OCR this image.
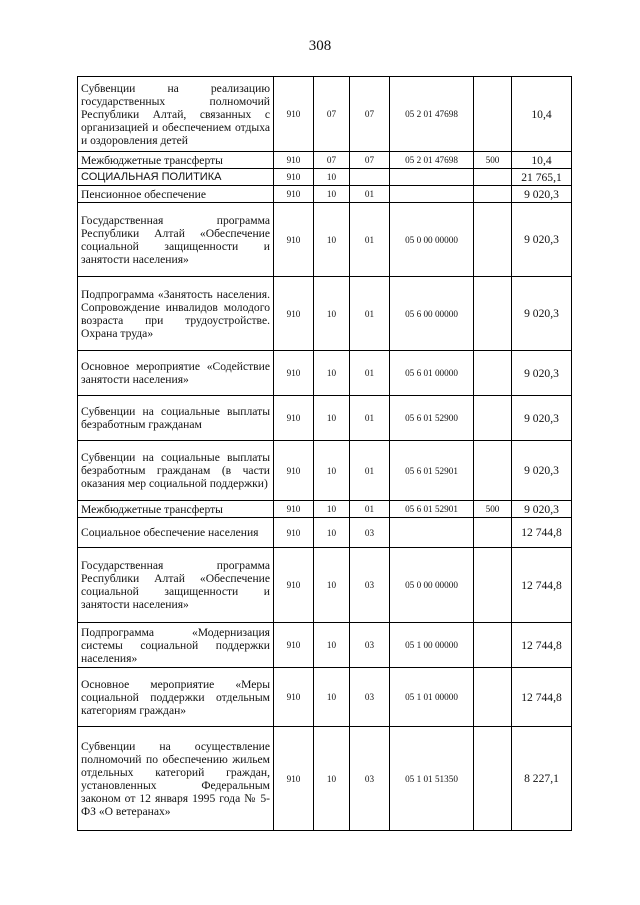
308
Субвенции на реализацию государственных полномочий Республики Алтай, связанных с организацией и обеспечением отдыха и оздоровления детей	910	07	07	05 2 01 47698		10,4
Межбюджетные трансферты	910	07	07	05 2 01 47698	500	10,4
СОЦИАЛЬНАЯ ПОЛИТИКА	910	10				21 765,1
Пенсионное обеспечение	910	10	01			9 020,3
Государственная программа Республики Алтай «Обеспечение социальной защищенности и занятости населения»	910	10	01	05 0 00 00000		9 020,3
Подпрограмма «Занятость населения. Сопровождение инвалидов молодого возраста при трудоустройстве. Охрана труда»	910	10	01	05 6 00 00000		9 020,3
Основное мероприятие «Содействие занятости населения»	910	10	01	05 6 01 00000		9 020,3
Субвенции на социальные выплаты безработным гражданам	910	10	01	05 6 01 52900		9 020,3
Субвенции на социальные выплаты безработным гражданам (в части оказания мер социальной поддержки)	910	10	01	05 6 01 52901		9 020,3
Межбюджетные трансферты	910	10	01	05 6 01 52901	500	9 020,3
Социальное обеспечение населения	910	10	03			12 744,8
Государственная программа Республики Алтай «Обеспечение социальной защищенности и занятости населения»	910	10	03	05 0 00 00000		12 744,8
Подпрограмма «Модернизация системы социальной поддержки населения»	910	10	03	05 1 00 00000		12 744,8
Основное мероприятие «Меры социальной поддержки отдельным категориям граждан»	910	10	03	05 1 01 00000		12 744,8
Субвенции на осуществление полномочий по обеспечению жильем отдельных категорий граждан, установленных Федеральным законом от 12 января 1995 года № 5-ФЗ «О ветеранах»	910	10	03	05 1 01 51350		8 227,1
